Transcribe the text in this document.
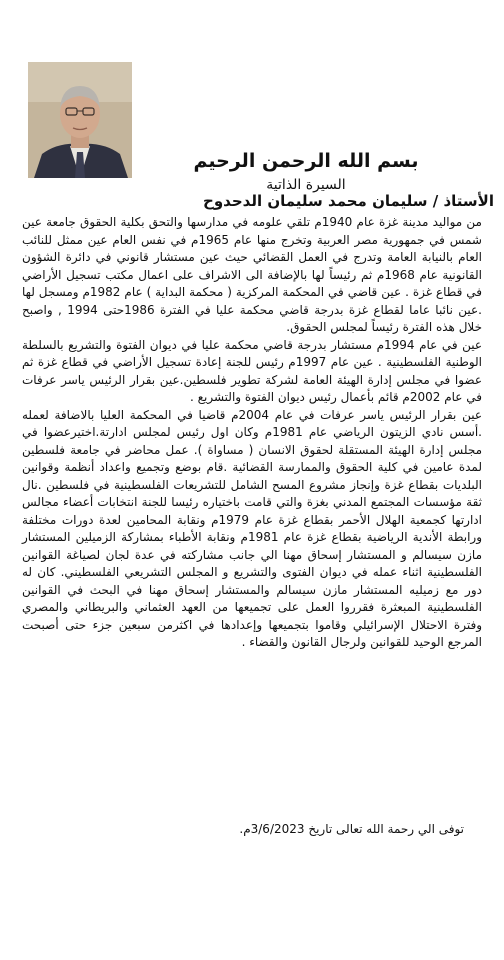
بسم الله الرحمن الرحيم

السيرة الذاتية

الأستاذ / سليمان محمد سليمان الدحدوح

من مواليد مدينة غزة عام 1940م تلقي علومه في مدارسها والتحق بكلية الحقوق جامعة عين شمس في جمهورية مصر العربية وتخرج منها عام 1965م في نفس العام عين ممثل للنائب العام بالنيابة العامة وتدرج في العمل القضائي حيث عين مستشار قانوني في دائرة الشؤون القانونية عام 1968م ثم رئيساً لها بالإضافة الى الاشراف على اعمال مكتب تسجيل الأراضي في قطاع غزة . عين قاضي في المحكمة المركزية ( محكمة البداية ) عام 1982م ومسجل لها .عين نائبا عاما لقطاع غزة بدرجة قاضي محكمة عليا في الفترة 1986حتى 1994 , واصبح خلال هذه الفترة رئيساً لمجلس الحقوق.

عين في عام 1994م مستشار بدرجة قاضي محكمة عليا في ديوان الفتوة والتشريع بالسلطة الوطنية الفلسطينية . عين عام 1997م رئيس للجنة إعادة تسجيل الأراضي في قطاع غزة ثم عضوا في مجلس إدارة الهيئة العامة لشركة تطوير فلسطين.عين بقرار الرئيس ياسر عرفات في عام 2002م قائم بأعمال رئيس ديوان الفتوة والتشريع .

عين بقرار الرئيس ياسر عرفات في عام 2004م قاضيا في المحكمة العليا بالاضافة لعمله .أسس نادي الزيتون الرياضي عام 1981م وكان اول رئيس لمجلس ادارتة.اختيرعضوا في مجلس إدارة الهيئة المستقلة لحقوق الانسان ( مساواة ). عمل محاضر في جامعة فلسطين لمدة عامين في كلية الحقوق والممارسة القضائية .قام بوضع وتجميع واعداد أنظمة وقوانين البلديات بقطاع غزة وإنجاز مشروع المسح الشامل للتشريعات الفلسطينية في فلسطين .نال ثقة مؤسسات المجتمع المدني بغزة والتي قامت باختياره رئيسا للجنة انتخابات أعضاء مجالس ادارتها كجمعية الهلال الأحمر بقطاع غزة عام 1979م ونقابة المحامين لعدة دورات مختلفة ورابطة الأندية الرياضية بقطاع غزة عام 1981م ونقابة الأطباء بمشاركة الزميلين المستشار مازن سيسالم و المستشار إسحاق مهنا الي جانب مشاركته في عدة لجان لصياغة القوانين الفلسطينية اثناء عمله في ديوان الفتوى والتشريع و المجلس التشريعي الفلسطيني. كان له دور مع زميليه المستشار مازن سيسالم والمستشار إسحاق مهنا في البحث في القوانين الفلسطينية المبعثرة فقرروا العمل على تجميعها من العهد العثماني والبريطاني والمصري وفترة الاحتلال الإسرائيلي وقاموا بتجميعها وإعدادها في اكثرمن سبعين جزء حتى أصبحت المرجع الوحيد للقوانين ولرجال القانون والقضاء .

توفى الي رحمة الله تعالى تاريخ 3/6/2023م.
